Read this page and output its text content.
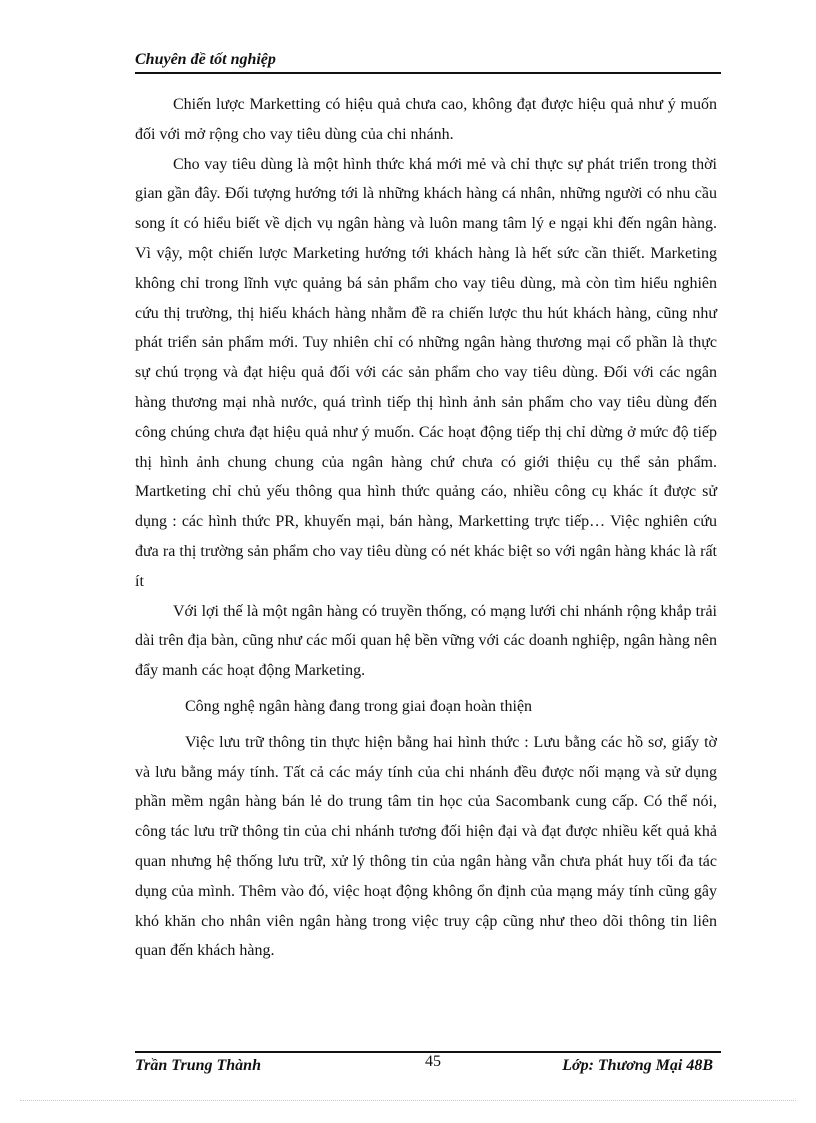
Chuyên đề tốt nghiệp

Chiến lược Marketting có hiệu quả chưa cao, không đạt được hiệu quả như ý muốn đối với mở rộng cho vay tiêu dùng của chi nhánh.

Cho vay tiêu dùng là một hình thức khá mới mẻ và chỉ thực sự phát triển trong thời gian gần đây. Đối tượng hướng tới là những khách hàng cá nhân, những người có nhu cầu song ít có hiểu biết về dịch vụ ngân hàng và luôn mang tâm lý e ngại khi đến ngân hàng. Vì vậy, một chiến lược Marketing hướng tới khách hàng là hết sức cần thiết. Marketing không chỉ trong lĩnh vực quảng bá sản phẩm cho vay tiêu dùng, mà còn tìm hiểu nghiên cứu thị trường, thị hiếu khách hàng nhằm đề ra chiến lược thu hút khách hàng, cũng như phát triển sản phẩm mới. Tuy nhiên chỉ có những ngân hàng thương mại cổ phần là thực sự chú trọng và đạt hiệu quả đối với các sản phẩm cho vay tiêu dùng. Đối với các ngân hàng thương mại nhà nước, quá trình tiếp thị hình ảnh sản phẩm cho vay tiêu dùng đến công chúng chưa đạt hiệu quả như ý muốn. Các hoạt động tiếp thị chỉ dừng ở mức độ tiếp thị hình ảnh chung chung của ngân hàng chứ chưa có giới thiệu cụ thể sản phẩm. Martketing chỉ chủ yếu thông qua hình thức quảng cáo, nhiều công cụ khác ít được sử dụng : các hình thức PR, khuyến mại, bán hàng, Marketting trực tiếp… Việc nghiên cứu đưa ra thị trường sản phẩm cho vay tiêu dùng có nét khác biệt so với ngân hàng khác là rất ít

Với lợi thế là một ngân hàng có truyền thống, có mạng lưới chi nhánh rộng khắp trải dài trên địa bàn, cũng như các mối quan hệ bền vững với các doanh nghiệp, ngân hàng nên đẩy manh các hoạt động Marketing.

Công nghệ ngân hàng đang trong giai đoạn hoàn thiện

Việc lưu trữ thông tin thực hiện bằng hai hình thức : Lưu bằng các hồ sơ, giấy tờ và lưu bằng máy tính. Tất cả các máy tính của chi nhánh đều được nối mạng và sử dụng phần mềm ngân hàng bán lẻ do trung tâm tin học của Sacombank cung cấp. Có thể nói, công tác lưu trữ thông tin của chi nhánh tương đối hiện đại và đạt được nhiều kết quả khả quan nhưng hệ thống lưu trữ, xử lý thông tin của ngân hàng vẫn chưa phát huy tối đa tác dụng của mình. Thêm vào đó, việc hoạt động không ổn định của mạng máy tính cũng gây khó khăn cho nhân viên ngân hàng trong việc truy cập cũng như theo dõi thông tin liên quan đến khách hàng.

Trần Trung Thành	45	Lớp: Thương Mại 48B
